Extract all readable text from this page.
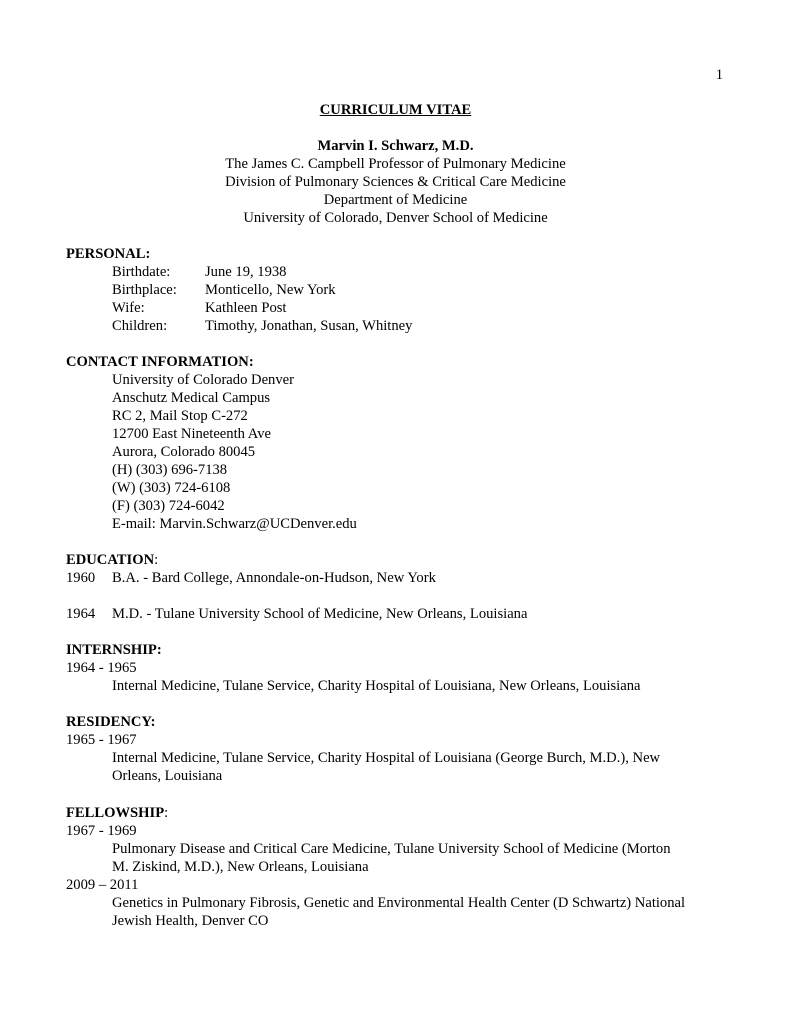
1
CURRICULUM VITAE
Marvin I. Schwarz, M.D.
The James C. Campbell Professor of Pulmonary Medicine
Division of Pulmonary Sciences & Critical Care Medicine
Department of Medicine
University of Colorado, Denver School of Medicine
PERSONAL:
Birthdate:	June 19, 1938
Birthplace:	Monticello, New York
Wife:	Kathleen Post
Children:	Timothy, Jonathan, Susan, Whitney
CONTACT INFORMATION:
University of Colorado Denver
Anschutz Medical Campus
RC 2, Mail Stop C-272
12700 East Nineteenth Ave
Aurora, Colorado 80045
(H) (303) 696-7138
(W) (303) 724-6108
(F) (303) 724-6042
E-mail: Marvin.Schwarz@UCDenver.edu
EDUCATION:
1960 B.A. - Bard College, Annondale-on-Hudson, New York
1964 M.D. - Tulane University School of Medicine, New Orleans, Louisiana
INTERNSHIP:
1964 - 1965
Internal Medicine, Tulane Service, Charity Hospital of Louisiana, New Orleans, Louisiana
RESIDENCY:
1965 - 1967
Internal Medicine, Tulane Service, Charity Hospital of Louisiana (George Burch, M.D.), New
Orleans, Louisiana
FELLOWSHIP:
1967 - 1969
Pulmonary Disease and Critical Care Medicine, Tulane University School of Medicine (Morton
M. Ziskind, M.D.), New Orleans, Louisiana
2009 – 2011
Genetics in Pulmonary Fibrosis, Genetic and Environmental Health Center (D Schwartz) National
Jewish Health, Denver CO
